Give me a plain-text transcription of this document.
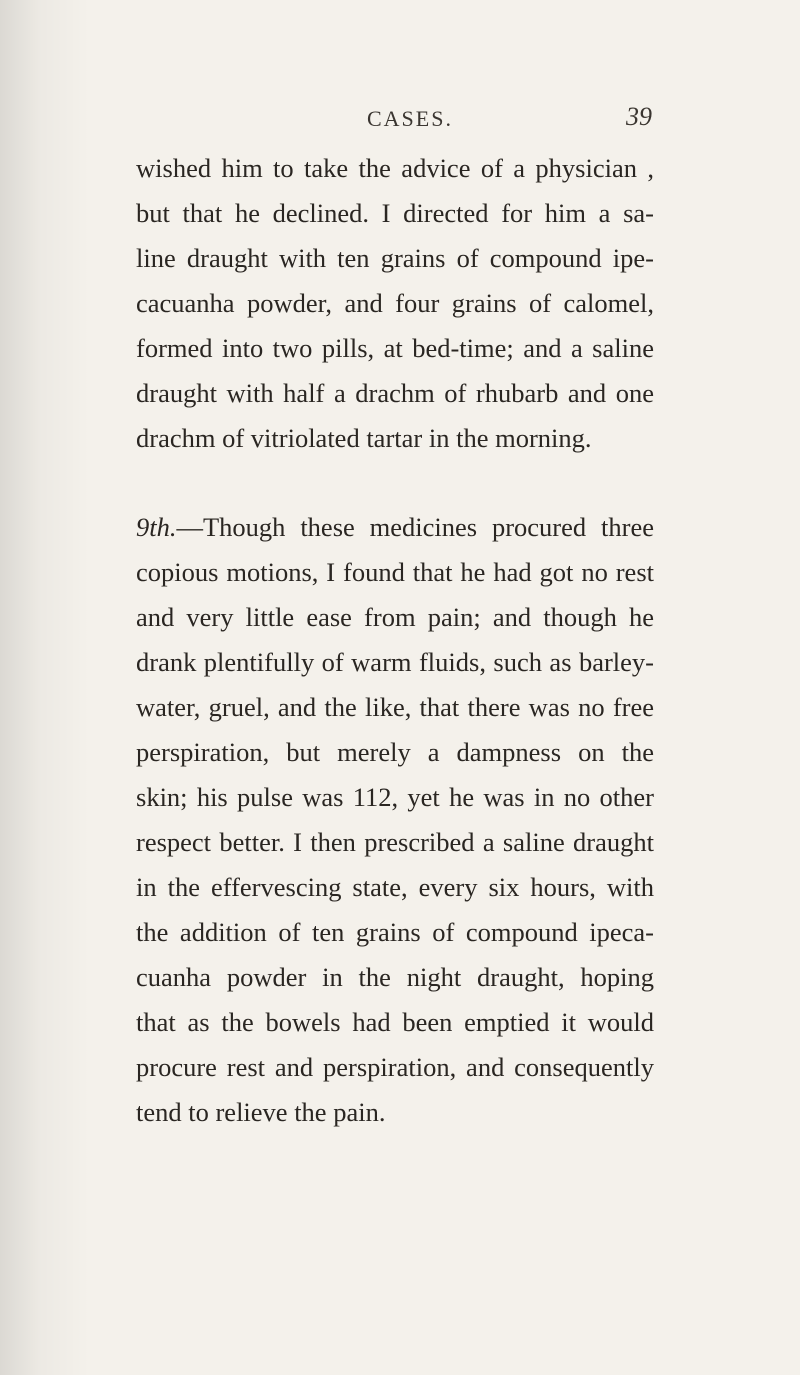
CASES.	39

wished him to take the advice of a physician ,
but that he declined. I directed for him a sa-
line draught with ten grains of compound ipe-
cacuanha powder, and four grains of calomel,
formed into two pills, at bed-time; and a saline
draught with half a drachm of rhubarb and one
drachm of vitriolated tartar in the morning.

9th.—Though these medicines procured three
copious motions, I found that he had got no rest
and very little ease from pain; and though he
drank plentifully of warm fluids, such as barley-
water, gruel, and the like, that there was no free
perspiration, but merely a dampness on the
skin; his pulse was 112, yet he was in no other
respect better. I then prescribed a saline draught
in the effervescing state, every six hours, with
the addition of ten grains of compound ipeca-
cuanha powder in the night draught, hoping
that as the bowels had been emptied it would
procure rest and perspiration, and consequently
tend to relieve the pain.
